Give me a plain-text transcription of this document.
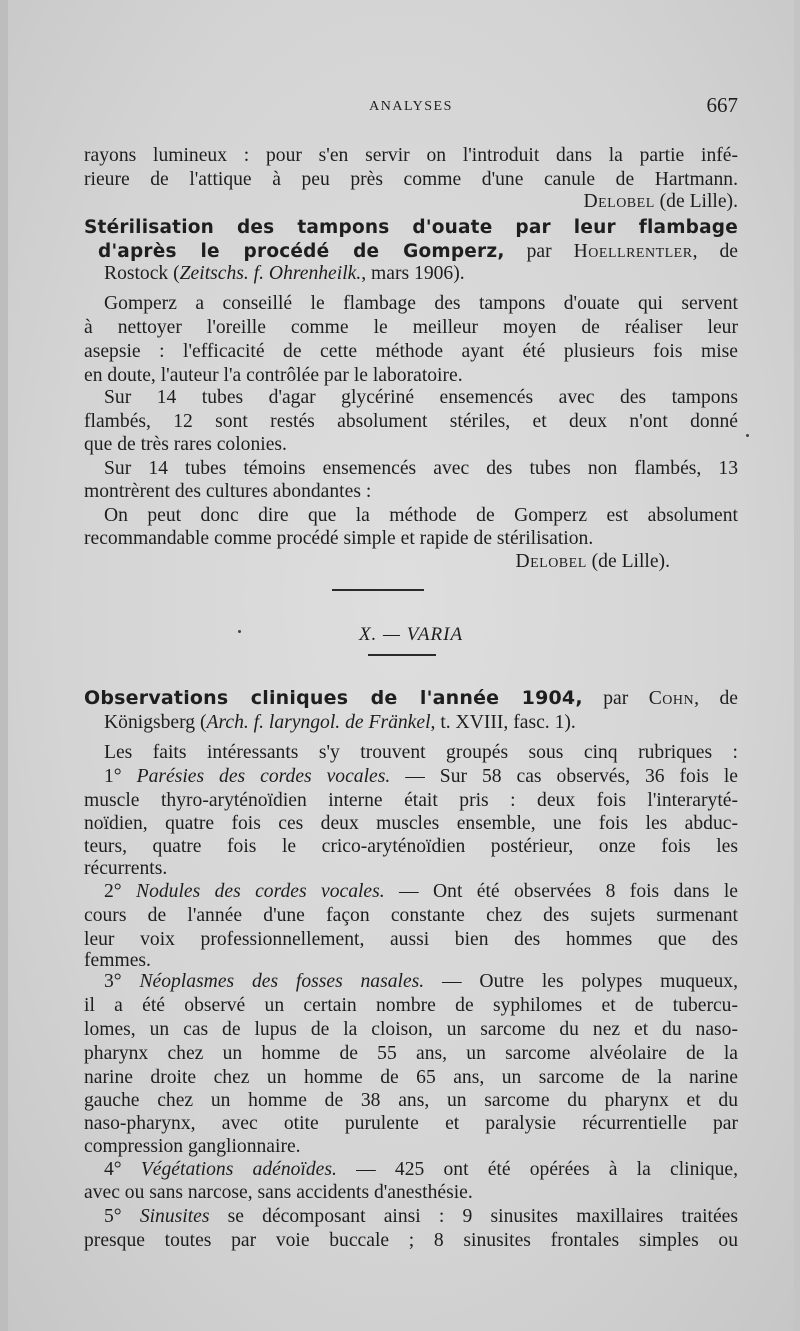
ANALYSES	667
rayons lumineux : pour s'en servir on l'introduit dans la partie infé-
rieure de l'attique à peu près comme d'une canule de Hartmann.
Delobel (de Lille).
Stérilisation des tampons d'ouate par leur flambage
d'après le procédé de Gomperz, par Hoellrentler, de
Rostock (Zeitschs. f. Ohrenheilk., mars 1906).
Gomperz a conseillé le flambage des tampons d'ouate qui servent
à nettoyer l'oreille comme le meilleur moyen de réaliser leur
asepsie : l'efficacité de cette méthode ayant été plusieurs fois mise
en doute, l'auteur l'a contrôlée par le laboratoire.
Sur 14 tubes d'agar glycériné ensemencés avec des tampons
flambés, 12 sont restés absolument stériles, et deux n'ont donné
que de très rares colonies.
Sur 14 tubes témoins ensemencés avec des tubes non flambés, 13
montrèrent des cultures abondantes :
On peut donc dire que la méthode de Gomperz est absolument
recommandable comme procédé simple et rapide de stérilisation.
Delobel (de Lille).
X. — VARIA
Observations cliniques de l'année 1904, par Cohn, de
Königsberg (Arch. f. laryngol. de Fränkel, t. XVIII, fasc. 1).
Les faits intéressants s'y trouvent groupés sous cinq rubriques :
1° Parésies des cordes vocales. — Sur 58 cas observés, 36 fois le
muscle thyro-aryténoïdien interne était pris : deux fois l'interaryté-
noïdien, quatre fois ces deux muscles ensemble, une fois les abduc-
teurs, quatre fois le crico-aryténoïdien postérieur, onze fois les
récurrents.
2° Nodules des cordes vocales. — Ont été observées 8 fois dans le
cours de l'année d'une façon constante chez des sujets surmenant
leur voix professionnellement, aussi bien des hommes que des
femmes.
3° Néoplasmes des fosses nasales. — Outre les polypes muqueux,
il a été observé un certain nombre de syphilomes et de tubercu-
lomes, un cas de lupus de la cloison, un sarcome du nez et du naso-
pharynx chez un homme de 55 ans, un sarcome alvéolaire de la
narine droite chez un homme de 65 ans, un sarcome de la narine
gauche chez un homme de 38 ans, un sarcome du pharynx et du
naso-pharynx, avec otite purulente et paralysie récurrentielle par
compression ganglionnaire.
4° Végétations adénoïdes. — 425 ont été opérées à la clinique,
avec ou sans narcose, sans accidents d'anesthésie.
5° Sinusites se décomposant ainsi : 9 sinusites maxillaires traitées
presque toutes par voie buccale ; 8 sinusites frontales simples ou
